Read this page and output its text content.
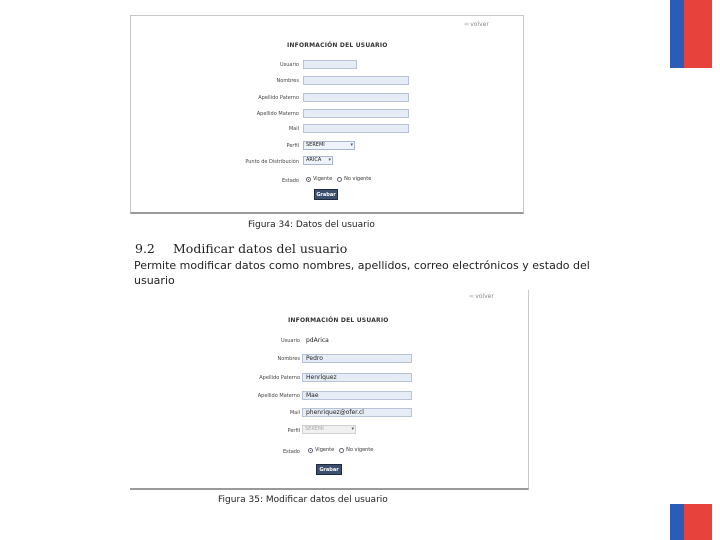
‹‹‹ volver
INFORMACIÓN DEL USUARIO
Usuario
Nombres
Apellido Paterno
Apellido Materno
Mail
Perfil	SEREMI	▾
Punto de Distribución	ARICA ▾
Estado	Vigente No vigente
Grabar
Figura 34: Datos del usuario
9.2 Modificar datos del usuario
Permite modificar datos como nombres, apellidos, correo electrónicos y estado del usuario
‹‹‹ volver
INFORMACIÓN DEL USUARIO
Usuario	pdArica
Nombres	Pedro
Apellido Paterno	Henríquez
Apellido Materno	Mae
Mail	phenriquez@ofer.cl
Perfil	SEREMI	▾
Estado	Vigente No vigente
Grabar
Figura 35: Modificar datos del usuario
